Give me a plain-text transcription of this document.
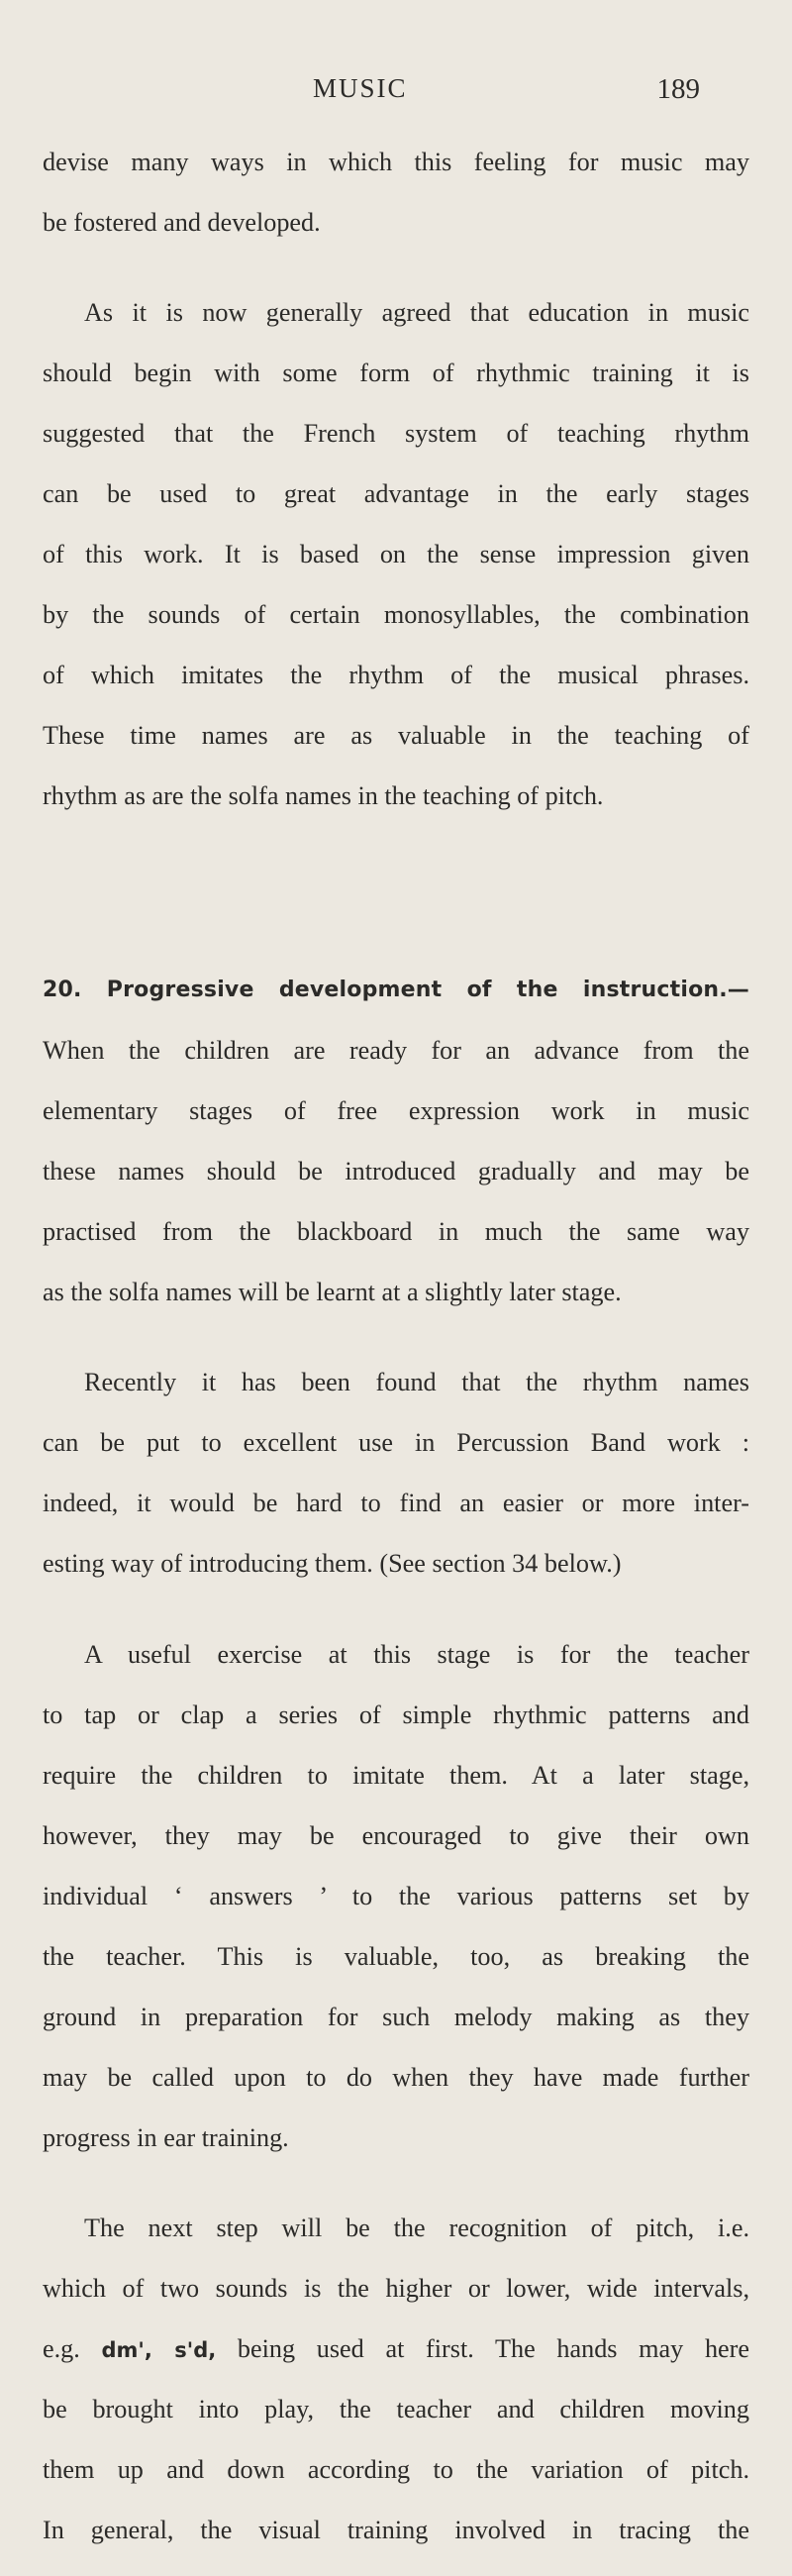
MUSIC	189

devise many ways in which this feeling for music may

be fostered and developed.

As it is now generally agreed that education in music

should begin with some form of rhythmic training it is

suggested that the French system of teaching rhythm

can be used to great advantage in the early stages

of this work. It is based on the sense impression given

by the sounds of certain monosyllables, the combination

of which imitates the rhythm of the musical phrases.

These time names are as valuable in the teaching of

rhythm as are the solfa names in the teaching of pitch.

20. Progressive development of the instruction.—

When the children are ready for an advance from the

elementary stages of free expression work in music

these names should be introduced gradually and may be

practised from the blackboard in much the same way

as the solfa names will be learnt at a slightly later stage.

Recently it has been found that the rhythm names

can be put to excellent use in Percussion Band work :

indeed, it would be hard to find an easier or more inter-

esting way of introducing them. (See section 34 below.)

A useful exercise at this stage is for the teacher

to tap or clap a series of simple rhythmic patterns and

require the children to imitate them. At a later stage,

however, they may be encouraged to give their own

individual ‘ answers ’ to the various patterns set by

the teacher. This is valuable, too, as breaking the

ground in preparation for such melody making as they

may be called upon to do when they have made further

progress in ear training.

The next step will be the recognition of pitch, i.e.

which of two sounds is the higher or lower, wide intervals,

e.g. dm', s'd, being used at first. The hands may here

be brought into play, the teacher and children moving

them up and down according to the variation of pitch.

In general, the visual training involved in tracing the
